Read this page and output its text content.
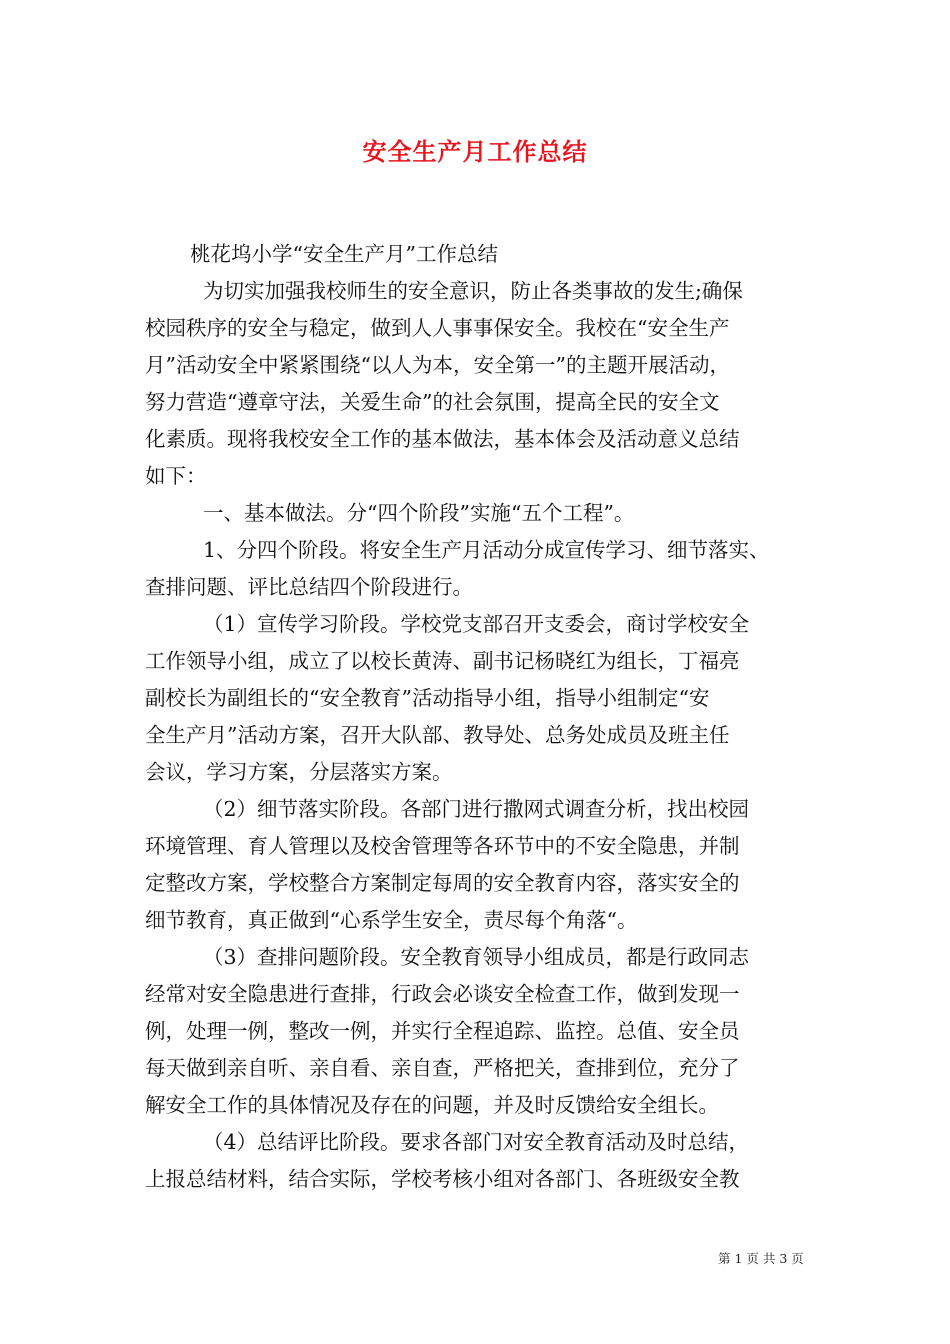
安全生产月工作总结
桃花坞小学“安全生产月”工作总结
为切实加强我校师生的安全意识，防止各类事故的发生;确保
校园秩序的安全与稳定，做到人人事事保安全。我校在“安全生产
月”活动安全中紧紧围绕“以人为本，安全第一”的主题开展活动，
努力营造“遵章守法，关爱生命”的社会氛围，提高全民的安全文
化素质。现将我校安全工作的基本做法，基本体会及活动意义总结
如下：
一、基本做法。分“四个阶段”实施“五个工程”。
1、分四个阶段。将安全生产月活动分成宣传学习、细节落实、
查排问题、评比总结四个阶段进行。
（1）宣传学习阶段。学校党支部召开支委会，商讨学校安全
工作领导小组，成立了以校长黄涛、副书记杨晓红为组长，丁福亮
副校长为副组长的“安全教育”活动指导小组，指导小组制定“安
全生产月”活动方案，召开大队部、教导处、总务处成员及班主任
会议，学习方案，分层落实方案。
（2）细节落实阶段。各部门进行撒网式调查分析，找出校园
环境管理、育人管理以及校舍管理等各环节中的不安全隐患，并制
定整改方案，学校整合方案制定每周的安全教育内容，落实安全的
细节教育，真正做到“心系学生安全，责尽每个角落“。
（3）查排问题阶段。安全教育领导小组成员，都是行政同志
经常对安全隐患进行查排，行政会必谈安全检查工作，做到发现一
例，处理一例，整改一例，并实行全程追踪、监控。总值、安全员
每天做到亲自听、亲自看、亲自查，严格把关，查排到位，充分了
解安全工作的具体情况及存在的问题，并及时反馈给安全组长。
（4）总结评比阶段。要求各部门对安全教育活动及时总结，
上报总结材料，结合实际，学校考核小组对各部门、各班级安全教
第 1 页 共 3 页
